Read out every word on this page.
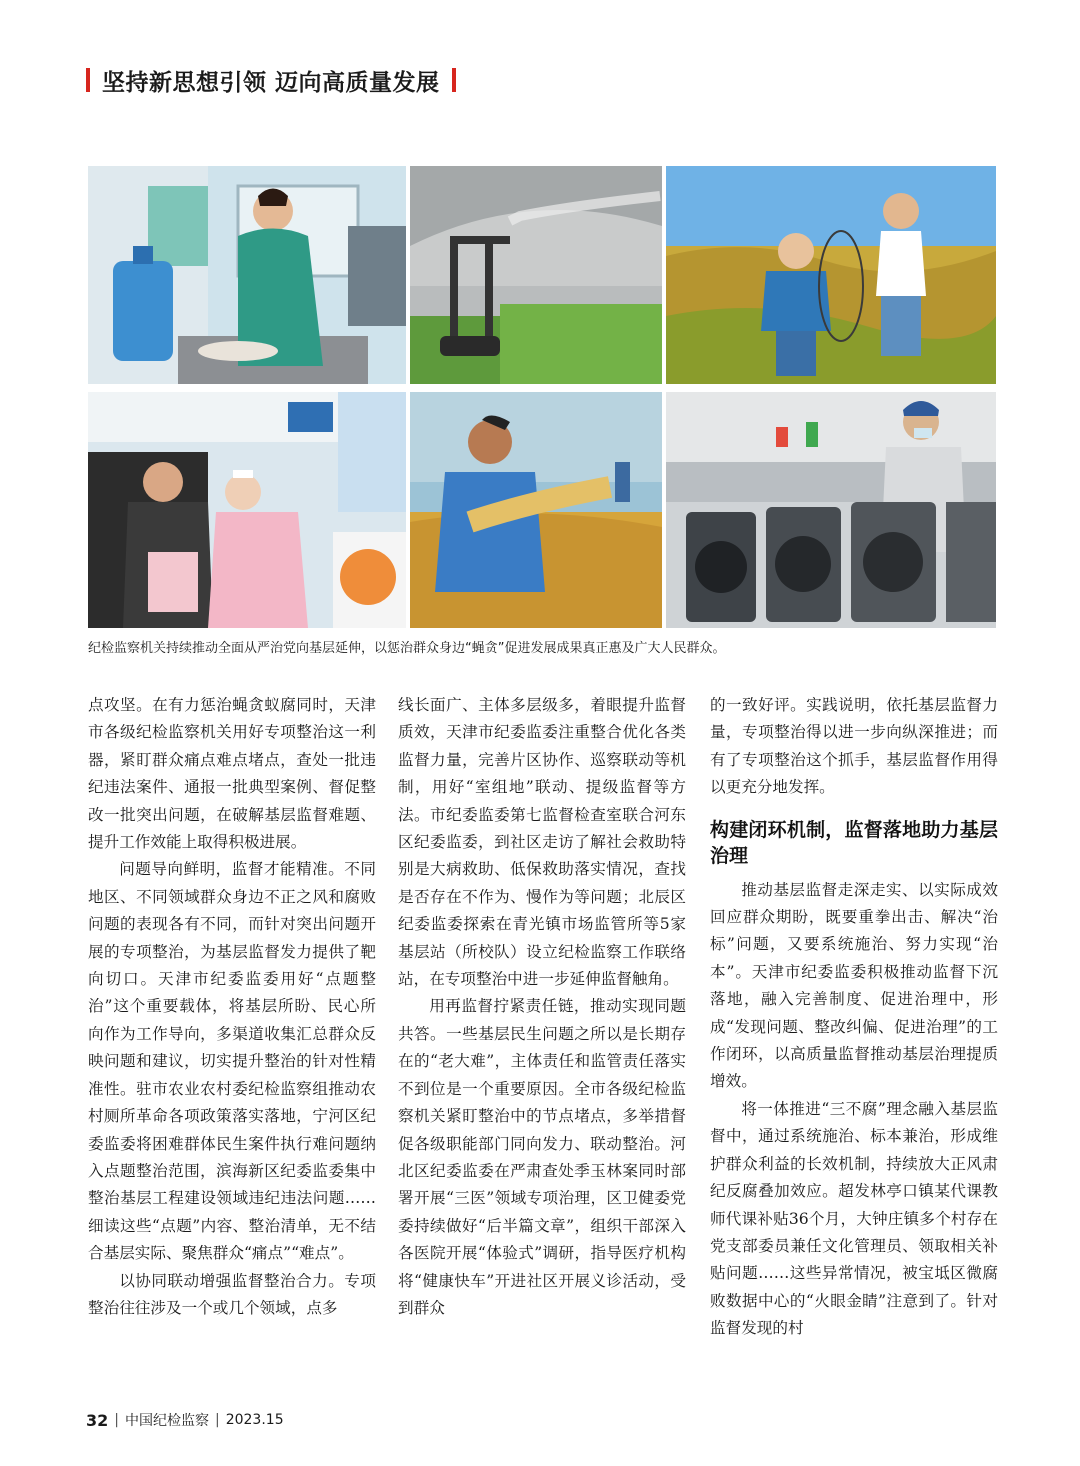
坚持新思想引领 迈向高质量发展
纪检监察机关持续推动全面从严治党向基层延伸，以惩治群众身边“蝇贪”促进发展成果真正惠及广大人民群众。

点攻坚。在有力惩治蝇贪蚁腐同时，天津市各级纪检监察机关用好专项整治这一利器，紧盯群众痛点难点堵点，查处一批违纪违法案件、通报一批典型案例、督促整改一批突出问题，在破解基层监督难题、提升工作效能上取得积极进展。

问题导向鲜明，监督才能精准。不同地区、不同领域群众身边不正之风和腐败问题的表现各有不同，而针对突出问题开展的专项整治，为基层监督发力提供了靶向切口。天津市纪委监委用好“点题整治”这个重要载体，将基层所盼、民心所向作为工作导向，多渠道收集汇总群众反映问题和建议，切实提升整治的针对性精准性。驻市农业农村委纪检监察组推动农村厕所革命各项政策落实落地，宁河区纪委监委将困难群体民生案件执行难问题纳入点题整治范围，滨海新区纪委监委集中整治基层工程建设领域违纪违法问题……细读这些“点题”内容、整治清单，无不结合基层实际、聚焦群众“痛点”“难点”。

以协同联动增强监督整治合力。专项整治往往涉及一个或几个领域，点多

线长面广、主体多层级多，着眼提升监督质效，天津市纪委监委注重整合优化各类监督力量，完善片区协作、巡察联动等机制，用好“室组地”联动、提级监督等方法。市纪委监委第七监督检查室联合河东区纪委监委，到社区走访了解社会救助特别是大病救助、低保救助落实情况，查找是否存在不作为、慢作为等问题；北辰区纪委监委探索在青光镇市场监管所等5家基层站（所校队）设立纪检监察工作联络站，在专项整治中进一步延伸监督触角。

用再监督拧紧责任链，推动实现同题共答。一些基层民生问题之所以是长期存在的“老大难”，主体责任和监管责任落实不到位是一个重要原因。全市各级纪检监察机关紧盯整治中的节点堵点，多举措督促各级职能部门同向发力、联动整治。河北区纪委监委在严肃查处季玉林案同时部署开展“三医”领域专项治理，区卫健委党委持续做好“后半篇文章”，组织干部深入各医院开展“体验式”调研，指导医疗机构将“健康快车”开进社区开展义诊活动，受到群众

的一致好评。实践说明，依托基层监督力量，专项整治得以进一步向纵深推进；而有了专项整治这个抓手，基层监督作用得以更充分地发挥。

构建闭环机制，监督落地助力基层治理

推动基层监督走深走实、以实际成效回应群众期盼，既要重拳出击、解决“治标”问题，又要系统施治、努力实现“治本”。天津市纪委监委积极推动监督下沉落地，融入完善制度、促进治理中，形成“发现问题、整改纠偏、促进治理”的工作闭环，以高质量监督推动基层治理提质增效。

将一体推进“三不腐”理念融入基层监督中，通过系统施治、标本兼治，形成维护群众利益的长效机制，持续放大正风肃纪反腐叠加效应。超发林亭口镇某代课教师代课补贴36个月，大钟庄镇多个村存在党支部委员兼任文化管理员、领取相关补贴问题……这些异常情况，被宝坻区微腐败数据中心的“火眼金睛”注意到了。针对监督发现的村

32 | 中国纪检监察 | 2023.15
